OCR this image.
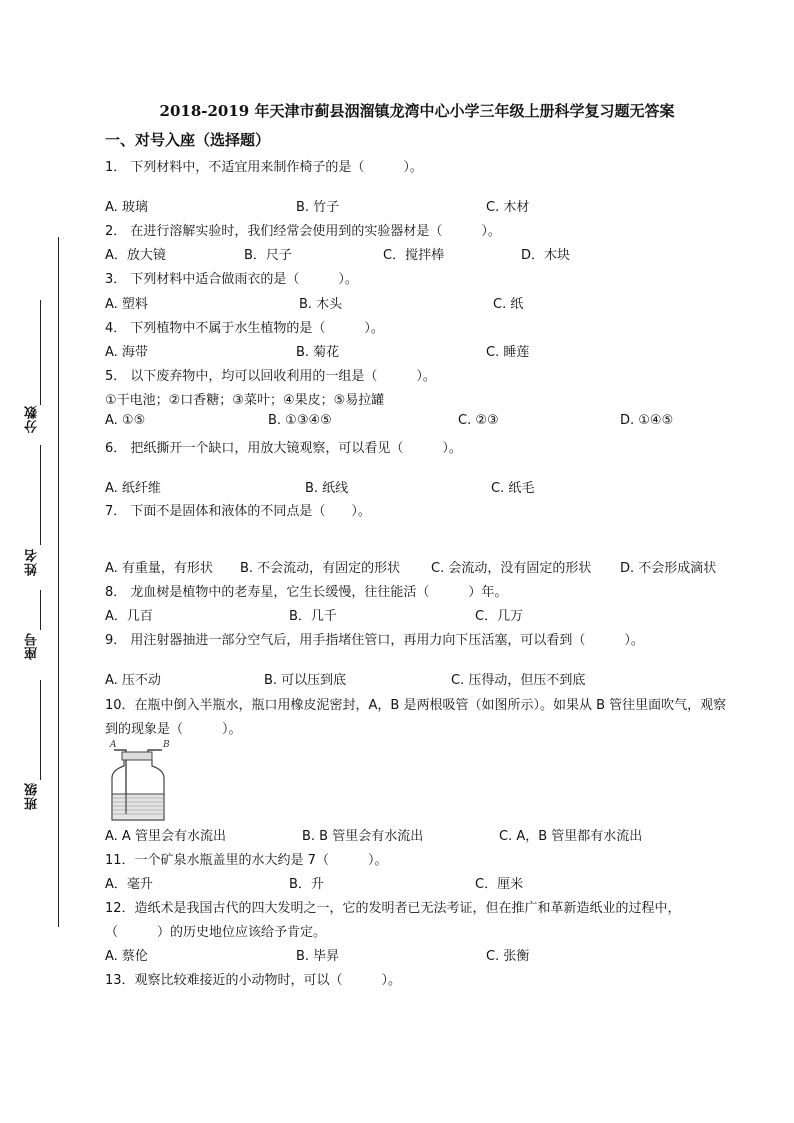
2018-2019 年天津市蓟县洇溜镇龙湾中心小学三年级上册科学复习题无答案
一、对号入座（选择题）
分数
姓名
座号
班级
1． 下列材料中，不适宜用来制作椅子的是（　　　）。
A. 玻璃	B. 竹子	C. 木材
2． 在进行溶解实验时，我们经常会使用到的实验器材是（　　　）。
A．放大镜	B．尺子	C．搅拌棒	D．木块
3． 下列材料中适合做雨衣的是（　　　）。
A. 塑料	B. 木头	C. 纸
4． 下列植物中不属于水生植物的是（　　　）。
A. 海带	B. 菊花	C. 睡莲
5． 以下废弃物中，均可以回收利用的一组是（　　　）。
①干电池；②口香糖；③菜叶；④果皮；⑤易拉罐
A. ①⑤	B. ①③④⑤	C. ②③	D. ①④⑤
6． 把纸撕开一个缺口，用放大镜观察，可以看见（　　　）。
A. 纸纤维	B. 纸线	C. 纸毛
7． 下面不是固体和液体的不同点是（　　）。
A. 有重量，有形状 B. 不会流动，有固定的形状 C. 会流动，没有固定的形状 D. 不会形成滴状
8． 龙血树是植物中的老寿星，它生长缓慢，往往能活（　　　）年。
A．几百	B．几千	C．几万
9． 用注射器抽进一部分空气后，用手指堵住管口，再用力向下压活塞，可以看到（　　　）。
A. 压不动	B. 可以压到底	C. 压得动，但压不到底
10．在瓶中倒入半瓶水，瓶口用橡皮泥密封，A，B 是两根吸管（如图所示）。如果从 B 管往里面吹气，观察
到的现象是（　　　）。
A	B
A. A 管里会有水流出	B. B 管里会有水流出	C. A，B 管里都有水流出
11．一个矿泉水瓶盖里的水大约是 7（　　　）。
A．毫升	B．升	C．厘米
12．造纸术是我国古代的四大发明之一，它的发明者已无法考证，但在推广和革新造纸业的过程中，
（　　　）的历史地位应该给予肯定。
A. 蔡伦	B. 毕昇	C. 张衡
13．观察比较难接近的小动物时，可以（　　　）。
